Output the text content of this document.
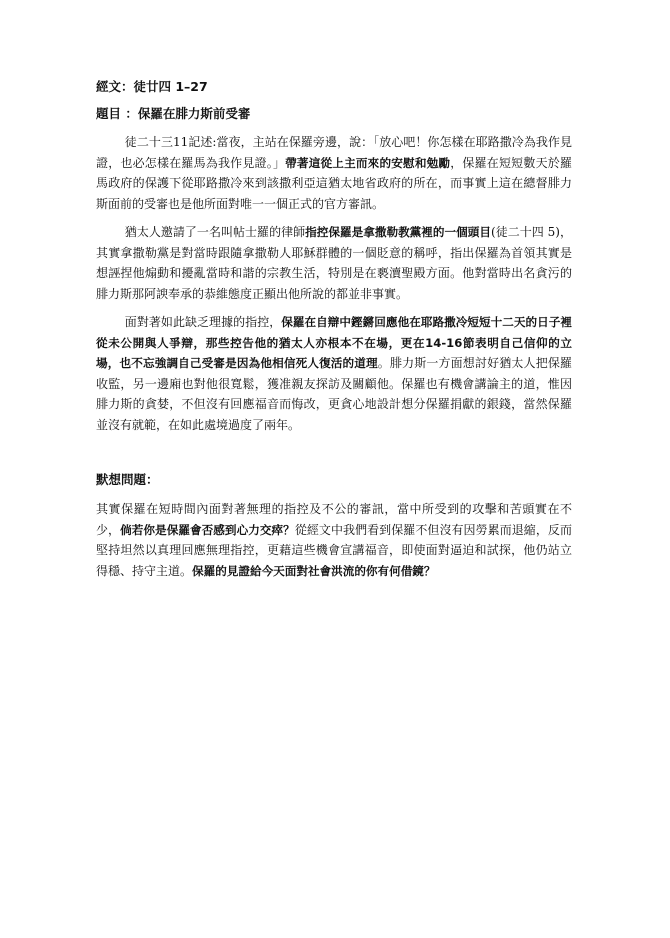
經文：徒廿四 1–27
題目 ：保羅在腓力斯前受審

徒二十三11記述:當夜，主站在保羅旁邊，說：「放心吧！你怎樣在耶路撒冷為我作見證，也必怎樣在羅馬為我作見證。」帶著這從上主而來的安慰和勉勵，保羅在短短數天於羅馬政府的保護下從耶路撒冷來到該撒利亞這猶太地省政府的所在，而事實上這在總督腓力斯面前的受審也是他所面對唯一一個正式的官方審訊。

猶太人邀請了一名叫帖士羅的律師指控保羅是拿撒勒教黨裡的一個頭目(徒二十四 5)，其實拿撒勒黨是對當時跟隨拿撒勒人耶穌群體的一個貶意的稱呼，指出保羅為首領其實是想誣捏他煽動和擾亂當時和諧的宗教生活，特別是在褻瀆聖殿方面。他對當時出名貪污的腓力斯那阿諛奉承的恭維態度正顯出他所說的都並非事實。

面對著如此缺乏理據的指控，保羅在自辯中鏗鏘回應他在耶路撒冷短短十二天的日子裡從未公開與人爭辯，那些控告他的猶太人亦根本不在場，更在14-16節表明自己信仰的立場，也不忘強調自己受審是因為他相信死人復活的道理。腓力斯一方面想討好猶太人把保羅收監，另一邊廂也對他很寬鬆，獲准親友探訪及關顧他。保羅也有機會講論主的道，惟因腓力斯的貪婪，不但沒有回應福音而悔改，更貪心地設計想分保羅捐獻的銀錢，當然保羅並沒有就範，在如此處境過度了兩年。

默想問題：

其實保羅在短時間內面對著無理的指控及不公的審訊，當中所受到的攻擊和苦頭實在不少，倘若你是保羅會否感到心力交瘁？從經文中我們看到保羅不但沒有因勞累而退縮，反而堅持坦然以真理回應無理指控，更藉這些機會宣講福音，即使面對逼迫和試探，他仍站立得穩、持守主道。保羅的見證給今天面對社會洪流的你有何借鏡？
